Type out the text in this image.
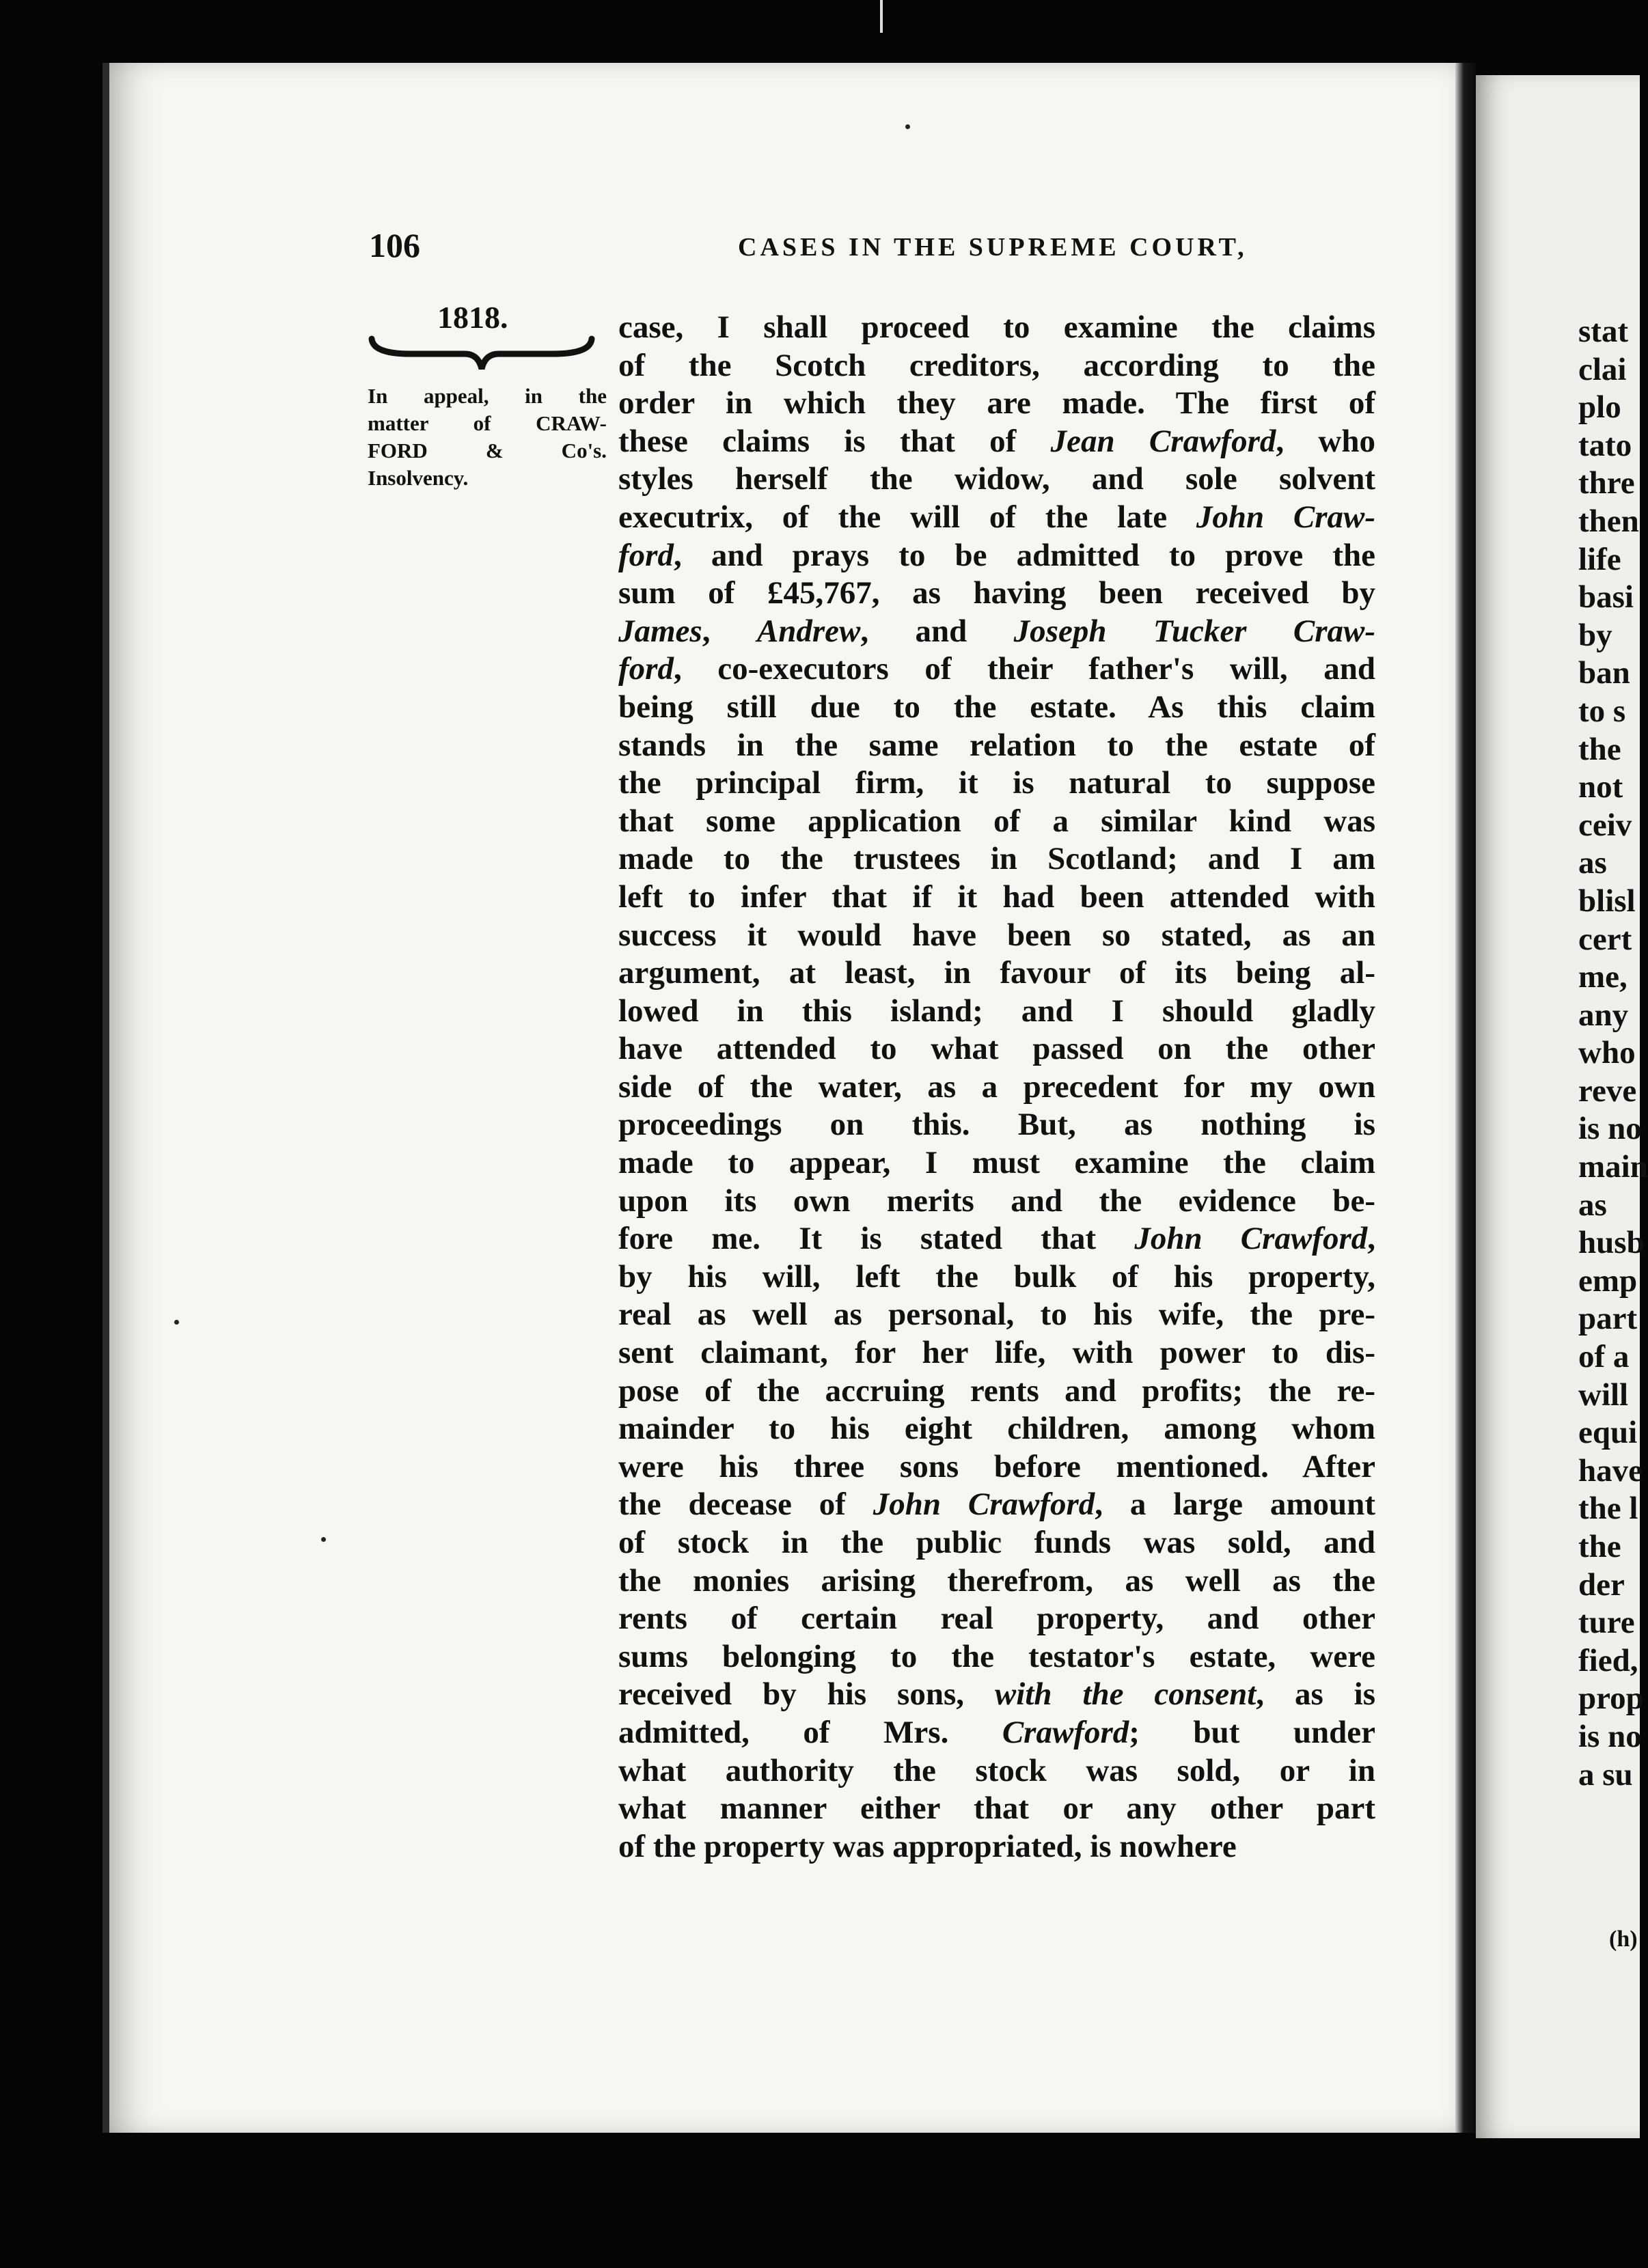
106	CASES IN THE SUPREME COURT,
1818.
In appeal, in the
matter of CRAW-
FORD & Co's.
Insolvency.
case, I shall proceed to examine the claims
of the Scotch creditors, according to the
order in which they are made. The first of
these claims is that of Jean Crawford, who
styles herself the widow, and sole solvent
executrix, of the will of the late John Craw-
ford, and prays to be admitted to prove the
sum of £45,767, as having been received by
James, Andrew, and Joseph Tucker Craw-
ford, co-executors of their father's will, and
being still due to the estate. As this claim
stands in the same relation to the estate of
the principal firm, it is natural to suppose
that some application of a similar kind was
made to the trustees in Scotland; and I am
left to infer that if it had been attended with
success it would have been so stated, as an
argument, at least, in favour of its being al-
lowed in this island; and I should gladly
have attended to what passed on the other
side of the water, as a precedent for my own
proceedings on this. But, as nothing is
made to appear, I must examine the claim
upon its own merits and the evidence be-
fore me. It is stated that John Crawford,
by his will, left the bulk of his property,
real as well as personal, to his wife, the pre-
sent claimant, for her life, with power to dis-
pose of the accruing rents and profits; the re-
mainder to his eight children, among whom
were his three sons before mentioned. After
the decease of John Crawford, a large amount
of stock in the public funds was sold, and
the monies arising therefrom, as well as the
rents of certain real property, and other
sums belonging to the testator's estate, were
received by his sons, with the consent, as is
admitted, of Mrs. Crawford; but under
what authority the stock was sold, or in
what manner either that or any other part
of the property was appropriated, is nowhere
stat
clai
plo
tato
thre
then
life
basi
by
ban
to s
the
not
ceiv
as
blisl
cert
me,
any
who
reve
is no
main
as
husb
emp
part
of a
will
equi
have
the l
the
der
ture
fied,
prop
is no
a su
(h)
